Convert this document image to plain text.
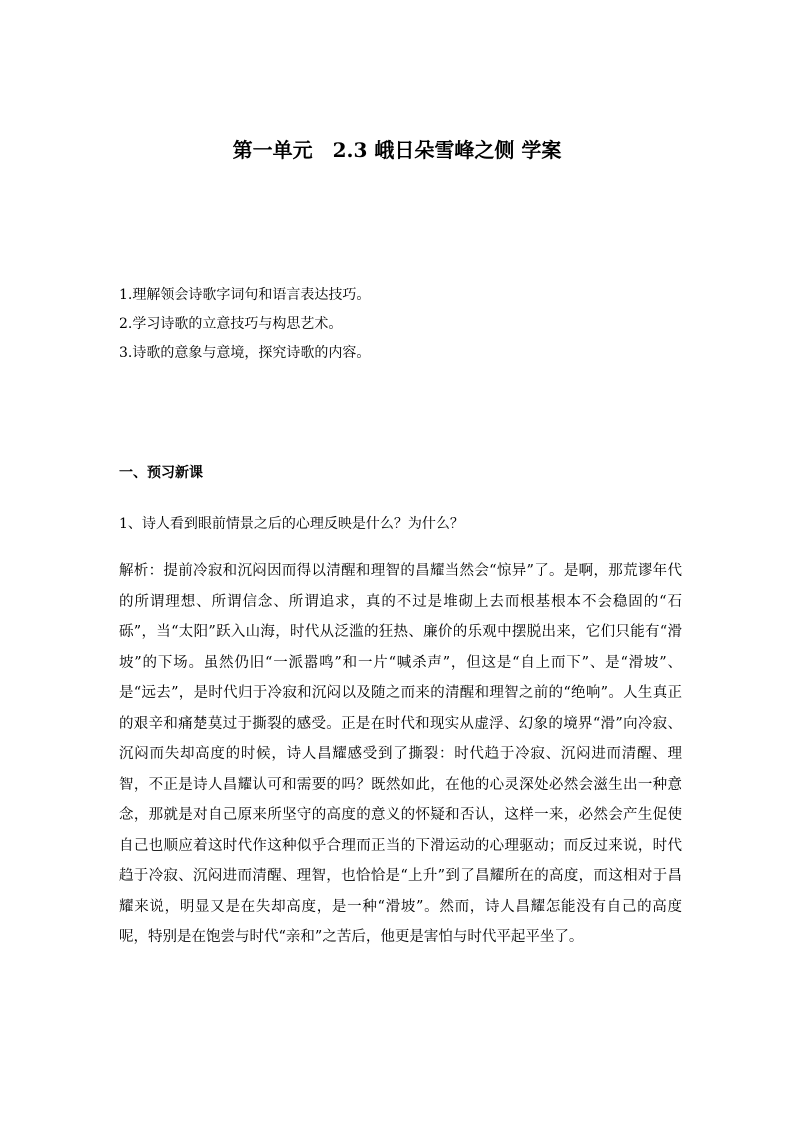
第一单元　2.3 峨日朵雪峰之侧 学案
1.理解领会诗歌字词句和语言表达技巧。
2.学习诗歌的立意技巧与构思艺术。
3.诗歌的意象与意境，探究诗歌的内容。
一、预习新课

1、诗人看到眼前情景之后的心理反映是什么？为什么？

解析：提前冷寂和沉闷因而得以清醒和理智的昌耀当然会“惊异”了。是啊，那荒谬年代的所谓理想、所谓信念、所谓追求，真的不过是堆砌上去而根基根本不会稳固的“石砾”，当“太阳”跃入山海，时代从泛滥的狂热、廉价的乐观中摆脱出来，它们只能有“滑坡”的下场。虽然仍旧“一派嚣鸣”和一片“喊杀声”，但这是“自上而下”、是“滑坡”、是“远去”，是时代归于冷寂和沉闷以及随之而来的清醒和理智之前的“绝响”。人生真正的艰辛和痛楚莫过于撕裂的感受。正是在时代和现实从虚浮、幻象的境界“滑”向冷寂、沉闷而失却高度的时候，诗人昌耀感受到了撕裂：时代趋于冷寂、沉闷进而清醒、理智，不正是诗人昌耀认可和需要的吗？既然如此，在他的心灵深处必然会滋生出一种意念，那就是对自己原来所坚守的高度的意义的怀疑和否认，这样一来，必然会产生促使自己也顺应着这时代作这种似乎合理而正当的下滑运动的心理驱动；而反过来说，时代趋于冷寂、沉闷进而清醒、理智，也恰恰是“上升”到了昌耀所在的高度，而这相对于昌耀来说，明显又是在失却高度，是一种“滑坡”。然而，诗人昌耀怎能没有自己的高度呢，特别是在饱尝与时代“亲和”之苦后，他更是害怕与时代平起平坐了。
